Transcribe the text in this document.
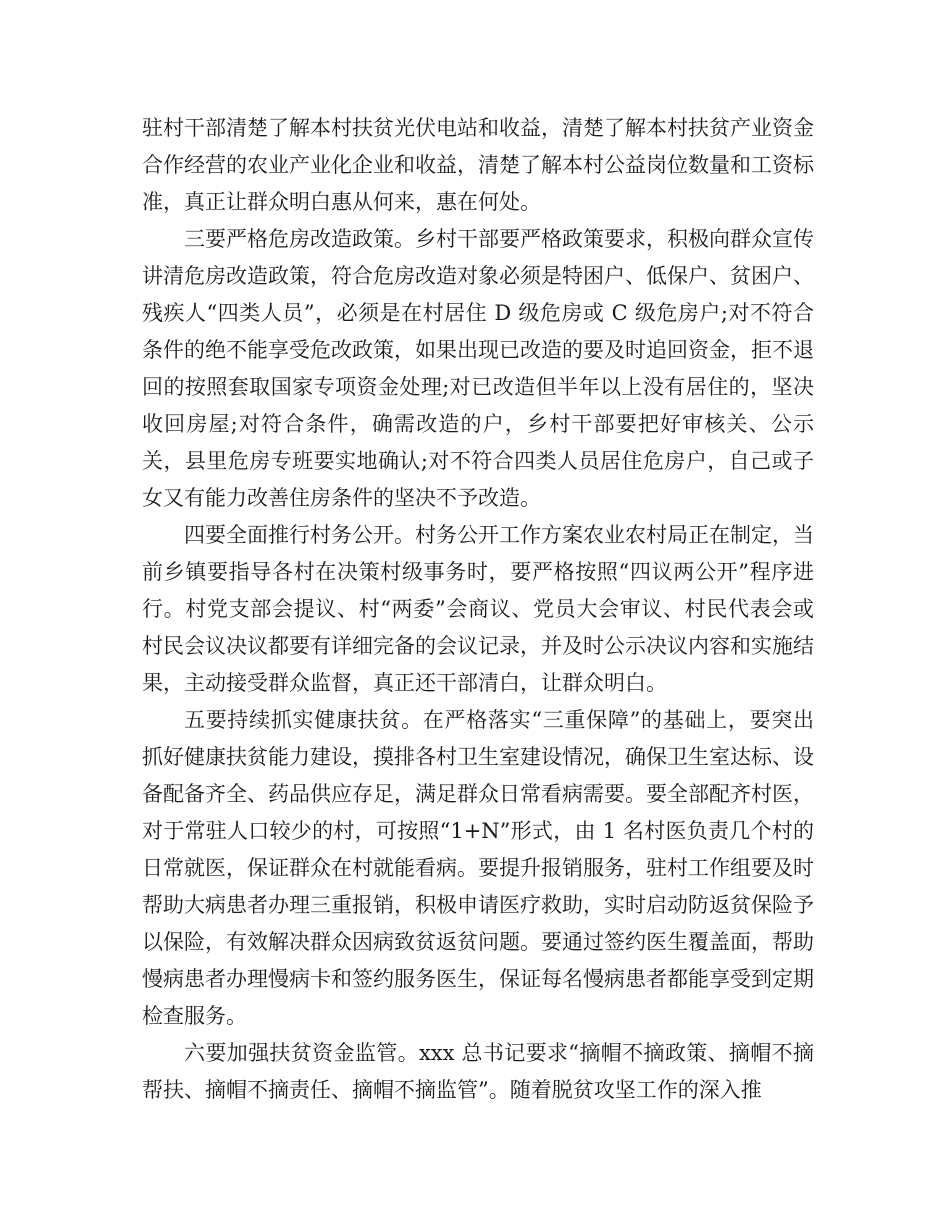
驻村干部清楚了解本村扶贫光伏电站和收益，清楚了解本村扶贫产业资金合作经营的农业产业化企业和收益，清楚了解本村公益岗位数量和工资标准，真正让群众明白惠从何来，惠在何处。

三要严格危房改造政策。乡村干部要严格政策要求，积极向群众宣传讲清危房改造政策，符合危房改造对象必须是特困户、低保户、贫困户、残疾人“四类人员”，必须是在村居住 D 级危房或 C 级危房户;对不符合条件的绝不能享受危改政策，如果出现已改造的要及时追回资金，拒不退回的按照套取国家专项资金处理;对已改造但半年以上没有居住的，坚决收回房屋;对符合条件，确需改造的户，乡村干部要把好审核关、公示关，县里危房专班要实地确认;对不符合四类人员居住危房户，自己或子女又有能力改善住房条件的坚决不予改造。

四要全面推行村务公开。村务公开工作方案农业农村局正在制定，当前乡镇要指导各村在决策村级事务时，要严格按照“四议两公开”程序进行。村党支部会提议、村“两委”会商议、党员大会审议、村民代表会或村民会议决议都要有详细完备的会议记录，并及时公示决议内容和实施结果，主动接受群众监督，真正还干部清白，让群众明白。

五要持续抓实健康扶贫。在严格落实“三重保障”的基础上，要突出抓好健康扶贫能力建设，摸排各村卫生室建设情况，确保卫生室达标、设备配备齐全、药品供应存足，满足群众日常看病需要。要全部配齐村医，对于常驻人口较少的村，可按照“1+N”形式，由 1 名村医负责几个村的日常就医，保证群众在村就能看病。要提升报销服务，驻村工作组要及时帮助大病患者办理三重报销，积极申请医疗救助，实时启动防返贫保险予以保险，有效解决群众因病致贫返贫问题。要通过签约医生覆盖面，帮助慢病患者办理慢病卡和签约服务医生，保证每名慢病患者都能享受到定期检查服务。

六要加强扶贫资金监管。xxx 总书记要求“摘帽不摘政策、摘帽不摘帮扶、摘帽不摘责任、摘帽不摘监管”。随着脱贫攻坚工作的深入推
